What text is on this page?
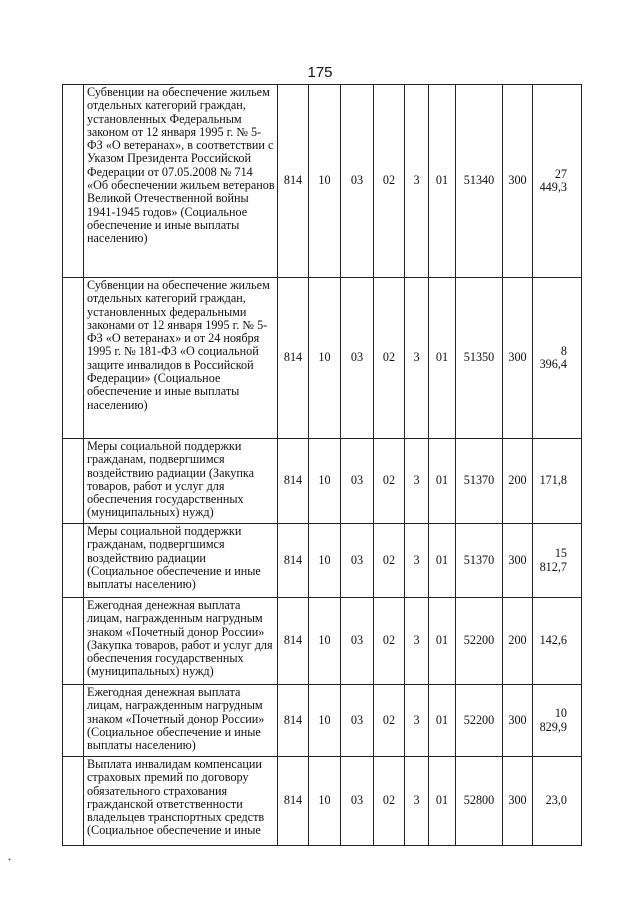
175
	Субвенции на обеспечение жильем отдельных категорий граждан, установленных Федеральным законом от 12 января 1995 г. № 5-ФЗ «О ветеранах», в соответствии с Указом Президента Российской Федерации от 07.05.2008 № 714 «Об обеспечении жильем ветеранов Великой Отечественной войны 1941-1945 годов» (Социальное обеспечение и иные выплаты населению)	814	10	03	02	3	01	51340	300	27 449,3
	Субвенции на обеспечение жильем отдельных категорий граждан, установленных федеральными законами от 12 января 1995 г. № 5-ФЗ «О ветеранах» и от 24 ноября 1995 г. № 181-ФЗ «О социальной защите инвалидов в Российской Федерации» (Социальное обеспечение и иные выплаты населению)	814	10	03	02	3	01	51350	300	8 396,4
	Меры социальной поддержки гражданам, подвергшимся воздействию радиации (Закупка товаров, работ и услуг для обеспечения государственных (муниципальных) нужд)	814	10	03	02	3	01	51370	200	171,8
	Меры социальной поддержки гражданам, подвергшимся воздействию радиации (Социальное обеспечение и иные выплаты населению)	814	10	03	02	3	01	51370	300	15 812,7
	Ежегодная денежная выплата лицам, награжденным нагрудным знаком «Почетный донор России» (Закупка товаров, работ и услуг для обеспечения государственных (муниципальных) нужд)	814	10	03	02	3	01	52200	200	142,6
	Ежегодная денежная выплата лицам, награжденным нагрудным знаком «Почетный донор России» (Социальное обеспечение и иные выплаты населению)	814	10	03	02	3	01	52200	300	10 829,9
	Выплата инвалидам компенсации страховых премий по договору обязательного страхования гражданской ответственности владельцев транспортных средств (Социальное обеспечение и иные	814	10	03	02	3	01	52800	300	23,0
